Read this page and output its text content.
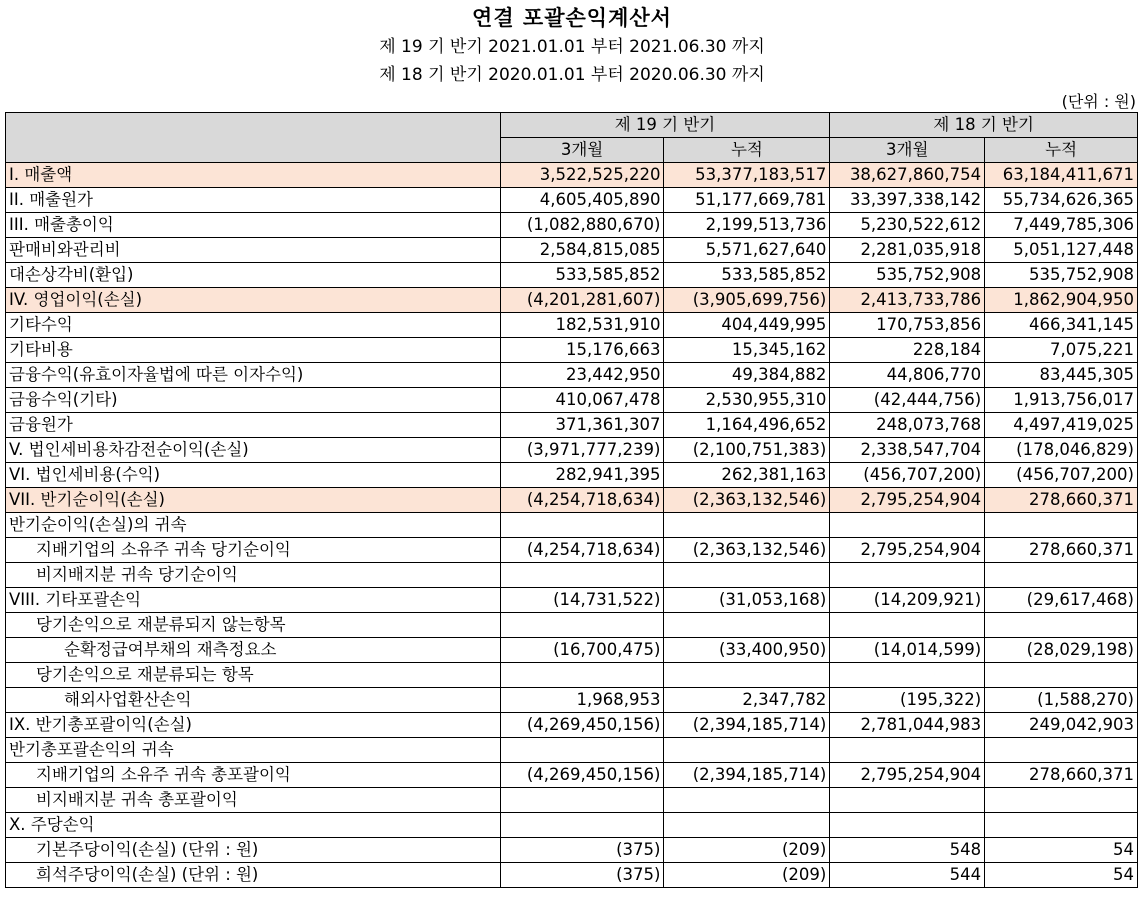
연결 포괄손익계산서
제 19 기 반기 2021.01.01 부터 2021.06.30 까지
제 18 기 반기 2020.01.01 부터 2020.06.30 까지
(단위 : 원)
	제 19 기 반기		제 18 기 반기	
	3개월	누적	3개월	누적
I. 매출액	3,522,525,220	53,377,183,517	38,627,860,754	63,184,411,671
II. 매출원가	4,605,405,890	51,177,669,781	33,397,338,142	55,734,626,365
III. 매출총이익	(1,082,880,670)	2,199,513,736	5,230,522,612	7,449,785,306
판매비와관리비	2,584,815,085	5,571,627,640	2,281,035,918	5,051,127,448
대손상각비(환입)	533,585,852	533,585,852	535,752,908	535,752,908
IV. 영업이익(손실)	(4,201,281,607)	(3,905,699,756)	2,413,733,786	1,862,904,950
기타수익	182,531,910	404,449,995	170,753,856	466,341,145
기타비용	15,176,663	15,345,162	228,184	7,075,221
금융수익(유효이자율법에 따른 이자수익)	23,442,950	49,384,882	44,806,770	83,445,305
금융수익(기타)	410,067,478	2,530,955,310	(42,444,756)	1,913,756,017
금융원가	371,361,307	1,164,496,652	248,073,768	4,497,419,025
V. 법인세비용차감전순이익(손실)	(3,971,777,239)	(2,100,751,383)	2,338,547,704	(178,046,829)
VI. 법인세비용(수익)	282,941,395	262,381,163	(456,707,200)	(456,707,200)
VII. 반기순이익(손실)	(4,254,718,634)	(2,363,132,546)	2,795,254,904	278,660,371
반기순이익(손실)의 귀속				
지배기업의 소유주 귀속 당기순이익	(4,254,718,634)	(2,363,132,546)	2,795,254,904	278,660,371
비지배지분 귀속 당기순이익				
VIII. 기타포괄손익	(14,731,522)	(31,053,168)	(14,209,921)	(29,617,468)
당기손익으로 재분류되지 않는항목				
순확정급여부채의 재측정요소	(16,700,475)	(33,400,950)	(14,014,599)	(28,029,198)
당기손익으로 재분류되는 항목				
해외사업환산손익	1,968,953	2,347,782	(195,322)	(1,588,270)
IX. 반기총포괄이익(손실)	(4,269,450,156)	(2,394,185,714)	2,781,044,983	249,042,903
반기총포괄손익의 귀속				
지배기업의 소유주 귀속 총포괄이익	(4,269,450,156)	(2,394,185,714)	2,795,254,904	278,660,371
비지배지분 귀속 총포괄이익				
X. 주당손익				
기본주당이익(손실) (단위 : 원)	(375)	(209)	548	54
희석주당이익(손실) (단위 : 원)	(375)	(209)	544	54
